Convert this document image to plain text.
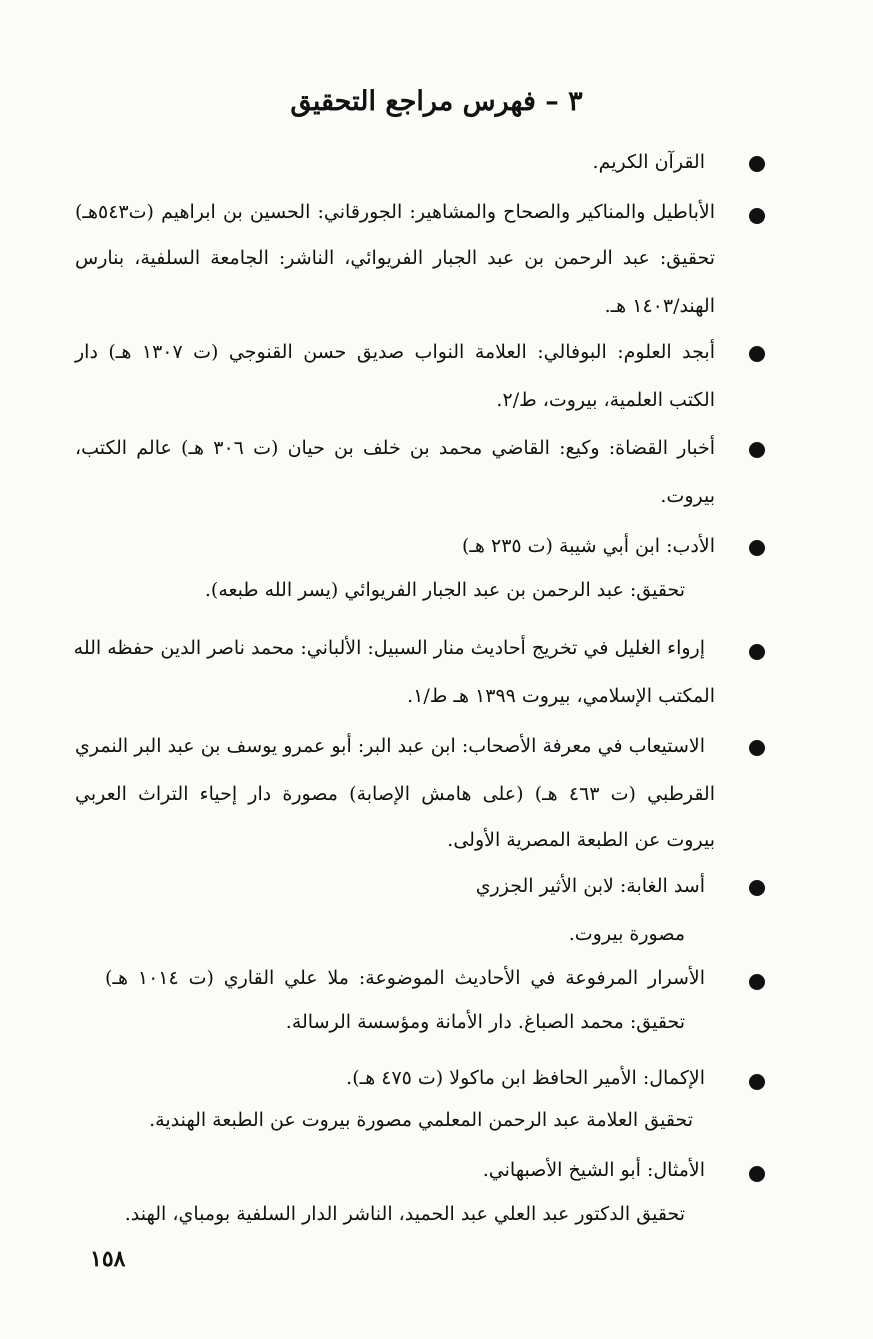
٣ – فهرس مراجع التحقيق
القرآن الكريم.
الأباطيل والمناكير والصحاح والمشاهير: الجورقاني: الحسين بن ابراهيم (ت٥٤٣هـ)
تحقيق: عبد الرحمن بن عبد الجبار الفريوائي، الناشر: الجامعة السلفية، بنارس
الهند/١٤٠٣ هـ.
أبجد العلوم: البوفالي: العلامة النواب صديق حسن القنوجي (ت ١٣٠٧ هـ) دار
الكتب العلمية، بيروت، ط/٢.
أخبار القضاة: وكيع: القاضي محمد بن خلف بن حيان (ت ٣٠٦ هـ) عالم الكتب،
بيروت.
الأدب: ابن أبي شيبة (ت ٢٣٥ هـ)
تحقيق: عبد الرحمن بن عبد الجبار الفريوائي (يسر الله طبعه).
إرواء الغليل في تخريج أحاديث منار السبيل: الألباني: محمد ناصر الدين حفظه الله
المكتب الإسلامي، بيروت ١٣٩٩ هـ ط/١.
الاستيعاب في معرفة الأصحاب: ابن عبد البر: أبو عمرو يوسف بن عبد البر النمري
القرطبي (ت ٤٦٣ هـ) (على هامش الإصابة) مصورة دار إحياء التراث العربي
بيروت عن الطبعة المصرية الأولى.
أسد الغابة: لابن الأثير الجزري
مصورة بيروت.
الأسرار المرفوعة في الأحاديث الموضوعة: ملا علي القاري (ت ١٠١٤ هـ)
تحقيق: محمد الصباغ. دار الأمانة ومؤسسة الرسالة.
الإكمال: الأمير الحافظ ابن ماكولا (ت ٤٧٥ هـ).
تحقيق العلامة عبد الرحمن المعلمي مصورة بيروت عن الطبعة الهندية.
الأمثال: أبو الشيخ الأصبهاني.
تحقيق الدكتور عبد العلي عبد الحميد، الناشر الدار السلفية بومباي، الهند.
١٥٨
